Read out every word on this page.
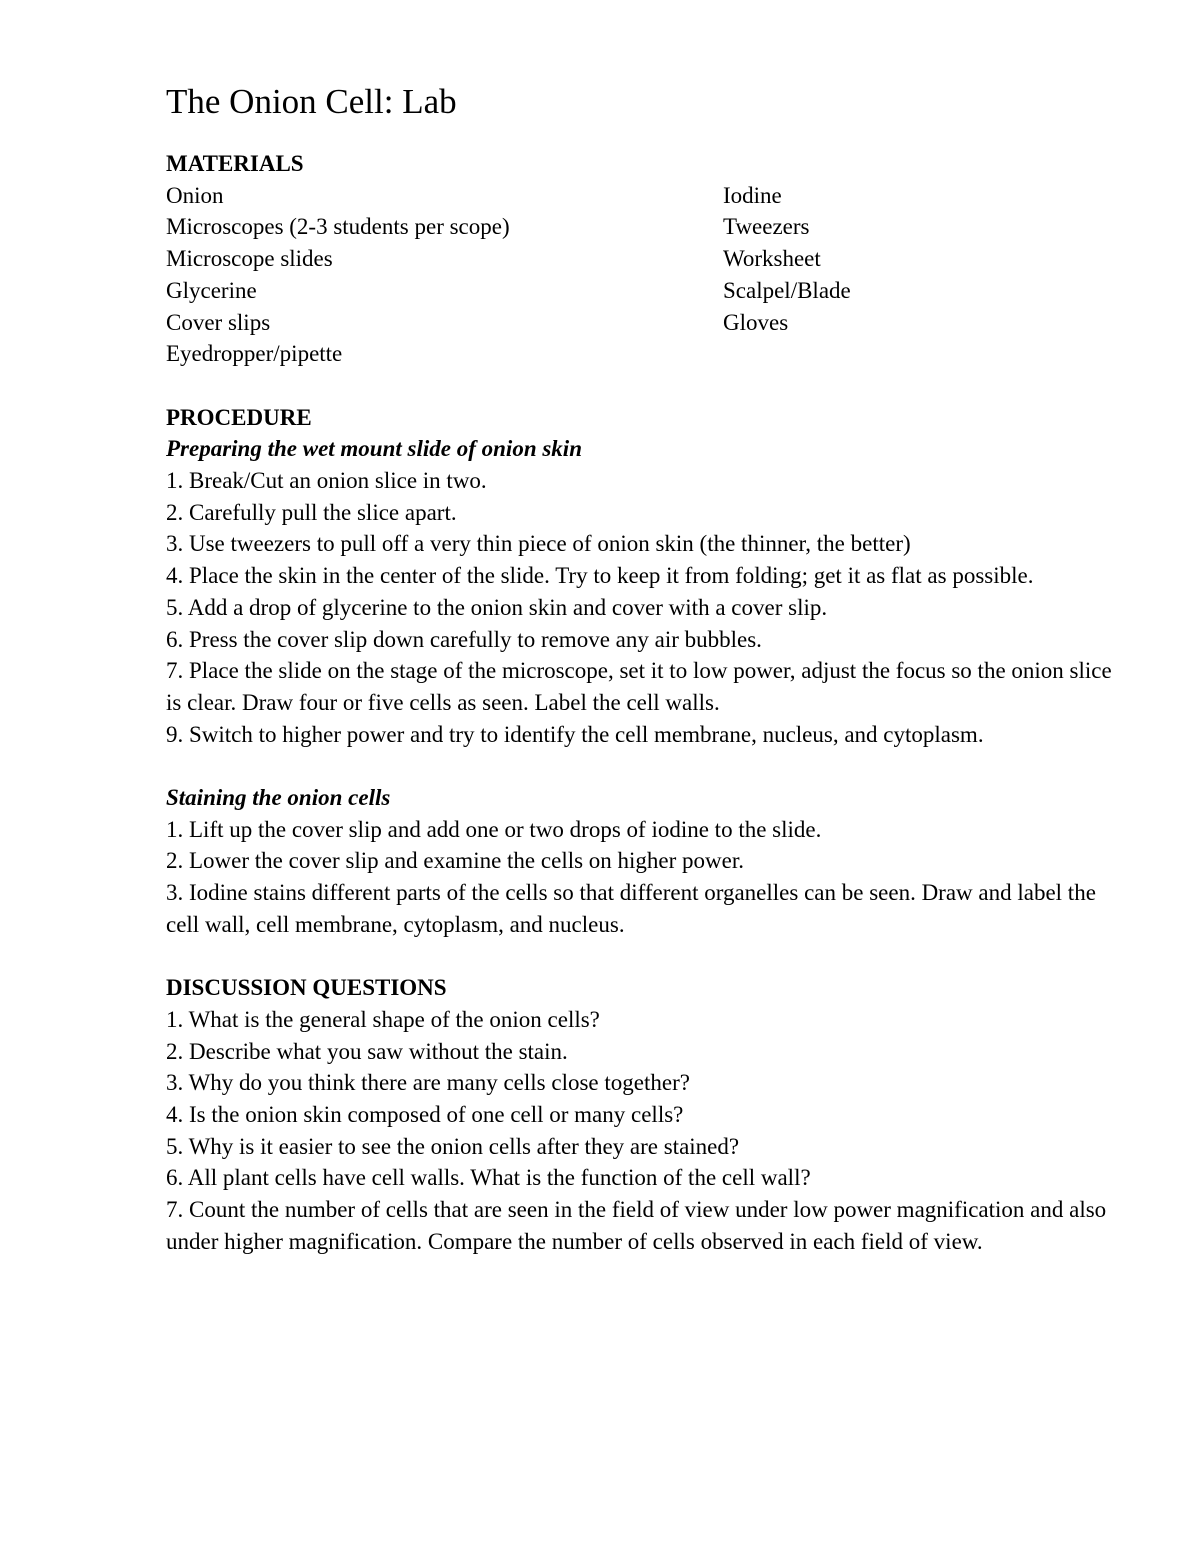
The Onion Cell: Lab

MATERIALS

Onion

Microscopes (2-3 students per scope)

Microscope slides

Glycerine

Cover slips

Eyedropper/pipette

Iodine

Tweezers

Worksheet

Scalpel/Blade

Gloves

PROCEDURE

Preparing the wet mount slide of onion skin

1. Break/Cut an onion slice in two.
2. Carefully pull the slice apart.
3. Use tweezers to pull off a very thin piece of onion skin (the thinner, the better)
4. Place the skin in the center of the slide. Try to keep it from folding; get it as flat as possible.
5. Add a drop of glycerine to the onion skin and cover with a cover slip.
6. Press the cover slip down carefully to remove any air bubbles.
7. Place the slide on the stage of the microscope, set it to low power, adjust the focus so the onion slice is clear. Draw four or five cells as seen. Label the cell walls.
9. Switch to higher power and try to identify the cell membrane, nucleus, and cytoplasm.

Staining the onion cells

1. Lift up the cover slip and add one or two drops of iodine to the slide.
2. Lower the cover slip and examine the cells on higher power.
3. Iodine stains different parts of the cells so that different organelles can be seen. Draw and label the cell wall, cell membrane, cytoplasm, and nucleus.

DISCUSSION QUESTIONS

1. What is the general shape of the onion cells?
2. Describe what you saw without the stain.
3. Why do you think there are many cells close together?
4. Is the onion skin composed of one cell or many cells?
5. Why is it easier to see the onion cells after they are stained?
6. All plant cells have cell walls. What is the function of the cell wall?
7. Count the number of cells that are seen in the field of view under low power magnification and also under higher magnification. Compare the number of cells observed in each field of view.
